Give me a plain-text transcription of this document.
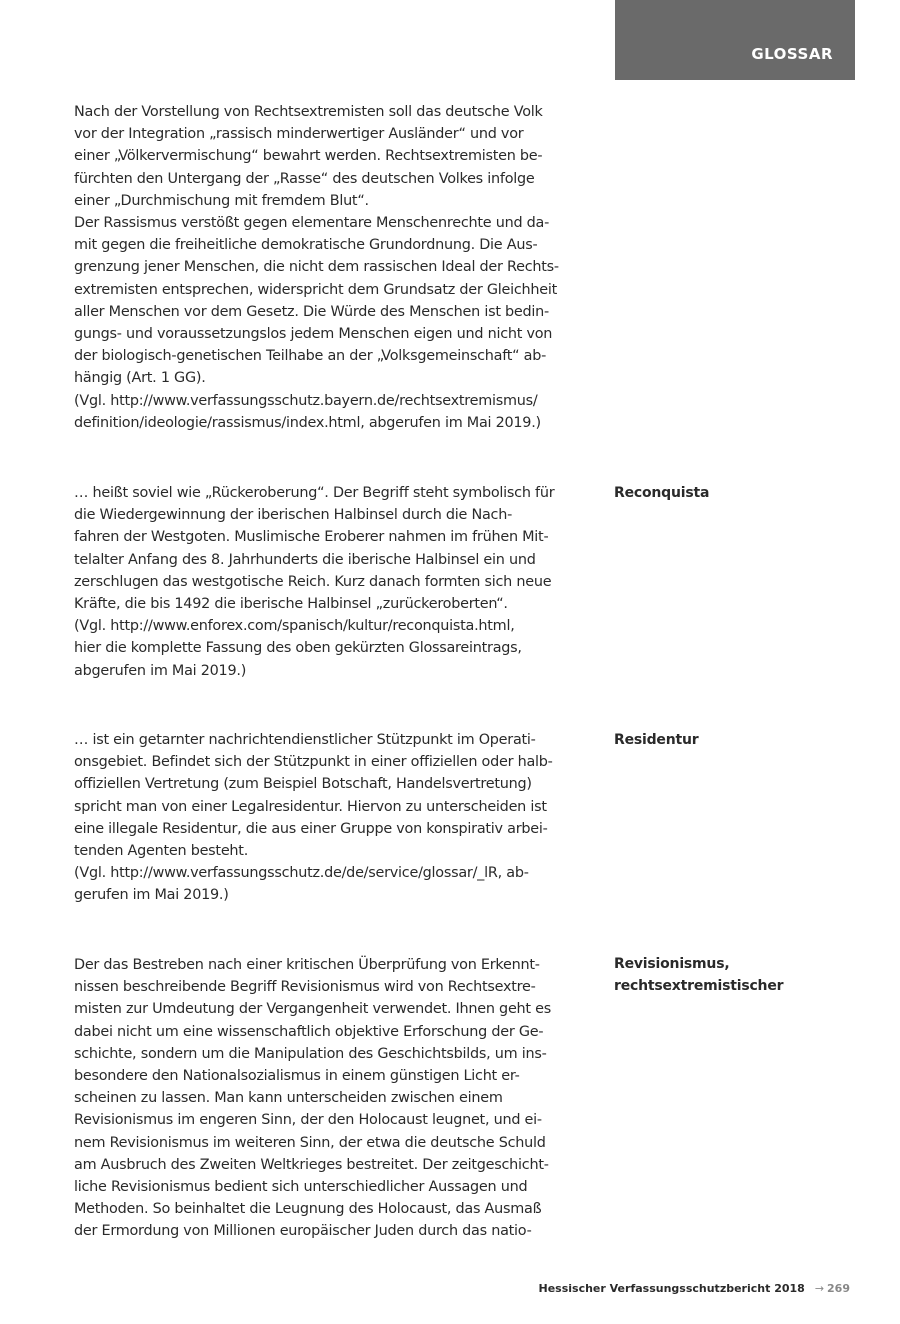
GLOSSAR

Nach der Vorstellung von Rechtsextremisten soll das deutsche Volk
vor der Integration „rassisch minderwertiger Ausländer“ und vor
einer „Völkervermischung“ bewahrt werden. Rechtsextremisten be-
fürchten den Untergang der „Rasse“ des deutschen Volkes infolge
einer „Durchmischung mit fremdem Blut“.
Der Rassismus verstößt gegen elementare Menschenrechte und da-
mit gegen die freiheitliche demokratische Grundordnung. Die Aus-
grenzung jener Menschen, die nicht dem rassischen Ideal der Rechts-
extremisten entsprechen, widerspricht dem Grundsatz der Gleichheit
aller Menschen vor dem Gesetz. Die Würde des Menschen ist bedin-
gungs- und voraussetzungslos jedem Menschen eigen und nicht von
der biologisch-genetischen Teilhabe an der „Volksgemeinschaft“ ab-
hängig (Art. 1 GG).
(Vgl. http://www.verfassungsschutz.bayern.de/rechtsextremismus/
definition/ideologie/rassismus/index.html, abgerufen im Mai 2019.)

Reconquista

… heißt soviel wie „Rückeroberung“. Der Begriff steht symbolisch für
die Wiedergewinnung der iberischen Halbinsel durch die Nach-
fahren der Westgoten. Muslimische Eroberer nahmen im frühen Mit-
telalter Anfang des 8. Jahrhunderts die iberische Halbinsel ein und
zerschlugen das westgotische Reich. Kurz danach formten sich neue
Kräfte, die bis 1492 die iberische Halbinsel „zurückeroberten“.
(Vgl. http://www.enforex.com/spanisch/kultur/reconquista.html,
hier die komplette Fassung des oben gekürzten Glossareintrags,
abgerufen im Mai 2019.)

Residentur

… ist ein getarnter nachrichtendienstlicher Stützpunkt im Operati-
onsgebiet. Befindet sich der Stützpunkt in einer offiziellen oder halb-
offiziellen Vertretung (zum Beispiel Botschaft, Handelsvertretung)
spricht man von einer Legalresidentur. Hiervon zu unterscheiden ist
eine illegale Residentur, die aus einer Gruppe von konspirativ arbei-
tenden Agenten besteht.
(Vgl. http://www.verfassungsschutz.de/de/service/glossar/_lR, ab-
gerufen im Mai 2019.)

Revisionismus,
rechtsextremistischer

Der das Bestreben nach einer kritischen Überprüfung von Erkennt-
nissen beschreibende Begriff Revisionismus wird von Rechtsextre-
misten zur Umdeutung der Vergangenheit verwendet. Ihnen geht es
dabei nicht um eine wissenschaftlich objektive Erforschung der Ge-
schichte, sondern um die Manipulation des Geschichtsbilds, um ins-
besondere den Nationalsozialismus in einem günstigen Licht er-
scheinen zu lassen. Man kann unterscheiden zwischen einem
Revisionismus im engeren Sinn, der den Holocaust leugnet, und ei-
nem Revisionismus im weiteren Sinn, der etwa die deutsche Schuld
am Ausbruch des Zweiten Weltkrieges bestreitet. Der zeitgeschicht-
liche Revisionismus bedient sich unterschiedlicher Aussagen und
Methoden. So beinhaltet die Leugnung des Holocaust, das Ausmaß
der Ermordung von Millionen europäischer Juden durch das natio-

Hessischer Verfassungsschutzbericht 2018 → 269
